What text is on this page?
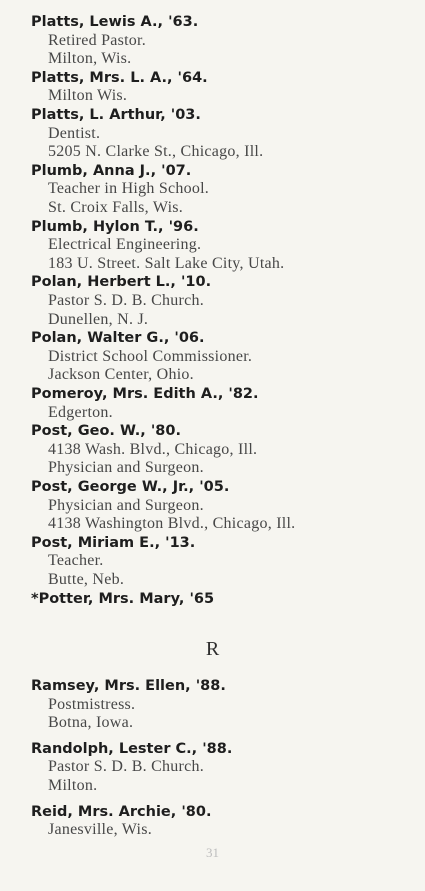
Platts, Lewis A., '63.
Retired Pastor.
Milton, Wis.
Platts, Mrs. L. A., '64.
Milton Wis.
Platts, L. Arthur, '03.
Dentist.
5205 N. Clarke St., Chicago, Ill.
Plumb, Anna J., '07.
Teacher in High School.
St. Croix Falls, Wis.
Plumb, Hylon T., '96.
Electrical Engineering.
183 U. Street. Salt Lake City, Utah.
Polan, Herbert L., '10.
Pastor S. D. B. Church.
Dunellen, N. J.
Polan, Walter G., '06.
District School Commissioner.
Jackson Center, Ohio.
Pomeroy, Mrs. Edith A., '82.
Edgerton.
Post, Geo. W., '80.
4138 Wash. Blvd., Chicago, Ill.
Physician and Surgeon.
Post, George W., Jr., '05.
Physician and Surgeon.
4138 Washington Blvd., Chicago, Ill.
Post, Miriam E., '13.
Teacher.
Butte, Neb.
*Potter, Mrs. Mary, '65
Ramsey, Mrs. Ellen, '88.
Postmistress.
Botna, Iowa.
Randolph, Lester C., '88.
Pastor S. D. B. Church.
Milton.
Reid, Mrs. Archie, '80.
Janesville, Wis.
R
31
